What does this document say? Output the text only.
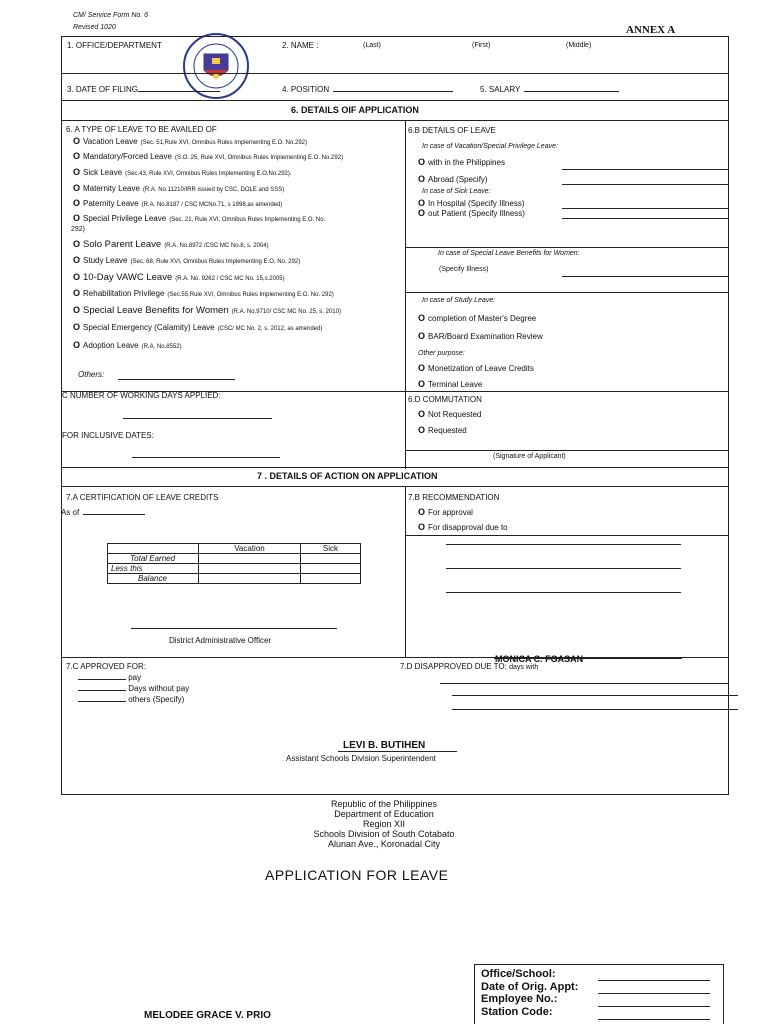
CM/ Service Form No. 6
Revised 1020	ANNEX A
1. OFFICE/DEPARTMENT	2. NAME :	(Last)	(First)	(Middle)
3. DATE OF FILING	4. POSITION	5. SALARY
6. DETAILS OIF APPLICATION
6. A TYPE OF LEAVE TO BE AVAILED OF
O Vacation Leave (Sec. 51,Rule XVI, Omnibus Rules Implementing E.O. No.292)
O Mandatory/Forced Leave (S.O. 25, Rule XVI, Omnibus Rules Implementing E.O. No.292)
O Sick Leave (Sec.43, Rule XVI, Omnibus Rules Implementing E.O.No.292).
O Maternity Leave (R.A. No.11210/IRR issued by CSC, DOLE and SSS)
O Paternity Leave (R.A. No.8187 / CSC MCNo.71, s 1998,as amended)
O Special Privilege Leave (Sec. 21, Rule XVI, Omnibus Rules Implementing E.O. No.
O Solo Parent Leave (R.A. No.8972 /CSC MC No.8, s. 2004)
O Study Leave (Sec. 68, Rule XVI, Omnibus Rules Implementing E.O. No. 292)
O 10-Day VAWC Leave (R.A. No. 9262 / CSC MC No. 15,s.2005)
O Rehabilitation Privilege (Sec.55,Rule XVI, Omnibus Rules Implementing E.O. No. 292)
O Special Leave Benefits for Women (R.A. No.9710/ CSC MC No. 25, s. 2010)
O Special Emergency (Calamity) Leave (CSC/ MC No. 2, s. 2012, as amended)
O Adoption Leave (R.A. No.8552)
292)
Others:
6.B DETAILS OF LEAVE
In case of Vacation/Special Privilege Leave:
O with in the Philippines
O Abroad (Specify)
In case of Sick Leave:
O In Hospital (Specify Illness)
O out Patient (Specify Illness)
In case of Special Leave Benefits for Women:
(Specify Illness)
In case of Study Leave:
O completion of Master's Degree
O BAR/Board Examination Review
Other purpose:
O Monetization of Leave Credits
O Terminal Leave
C NUMBER OF WORKING DAYS APPLIED:
FOR INCLUSIVE DATES:
6.D COMMUTATION
O Not Requested
O Requested
(Signature of Applicant)
7 . DETAILS OF ACTION ON APPLICATION
7.A CERTIFICATION OF LEAVE CREDITS
As of
	Vacation	Sick
Total Earned		
Less this		
Balance		
District Administrative Officer
7.B RECOMMENDATION
O For approval
O For disapproval due to
MONICA C. FGASAN
7.C APPROVED FOR:
pay
Days without pay
others (Specify)
7.D DISAPPROVED DUE TO: days with
LEVI B. BUTIHEN
Assistant Schools Division Superintendent
Republic of the Philippines
Department of Education
Region XII
Schools Division of South Cotabato
Alunan Ave., Koronadal City
APPLICATION FOR LEAVE
Office/School:
Date of Orig. Appt:
Employee No.:
Station Code:
MELODEE GRACE V. PRIO
